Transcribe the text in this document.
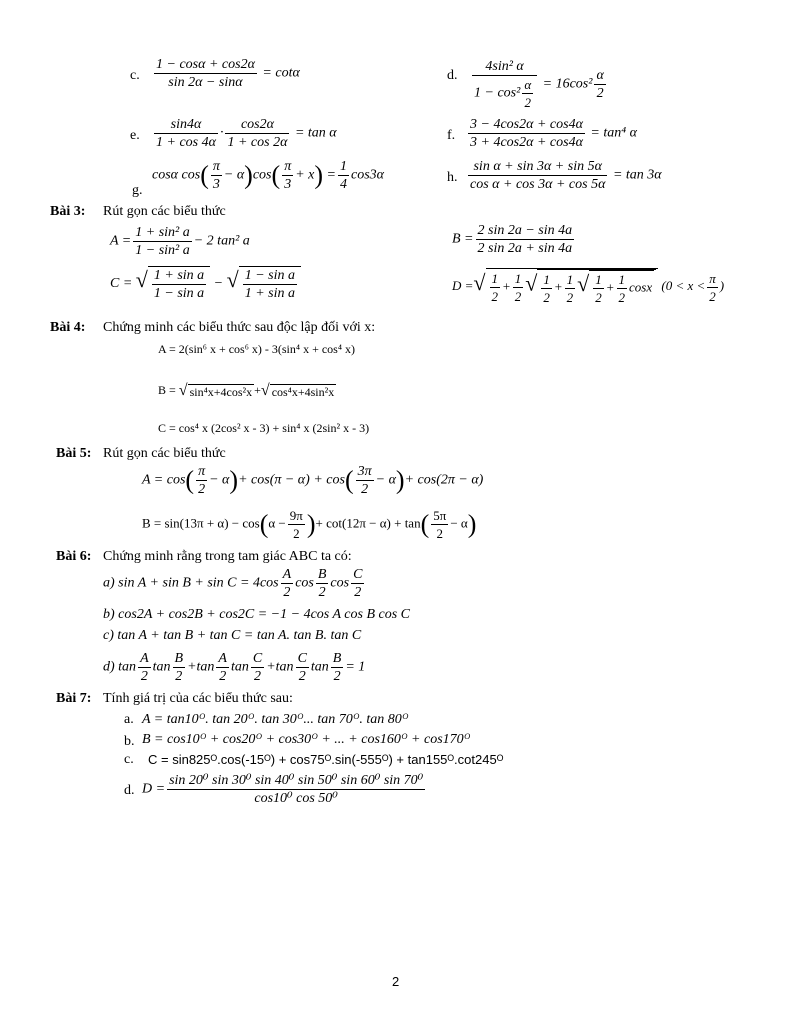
c. $\frac{1 - \cos\alpha + \cos 2\alpha}{\sin 2\alpha - \sin\alpha} = \cot\alpha$	d. $\frac{\text{4sin² α}}{1 - \cos^2 \frac{\alpha}{2}} = 16\cos^2 \frac{\alpha}{2}$
e. $\frac{\sin 4\alpha}{1 + \cos 4\alpha} \cdot \frac{\cos 2\alpha}{1 + \cos 2\alpha} = \tan \alpha$	f. $\frac{3 - 4\cos 2\alpha + \cos 4\alpha}{3 + 4\cos 2\alpha + \cos 4\alpha} = \tan^4$ α
g.
cosα $\cos( \frac{\pi}{3} - \alpha)\cos( \frac{\pi}{3} + x) = \frac{1}{4} \cos 3\alpha$	h. $\frac{\text{sin α + sin 3α + sin 5α}}{\text{cos α + cos 3α + cos 5α}} = \tan 3\alpha$
Bài 3: Rút gọn các biểu thức
$A = \frac{\text{1 + sin² a}}{\text{1 − sin² a}} - 2$ tan² a	$B = \frac{2 \sin 2a - \sin 4a}{2 \sin 2a + \sin 4a}$
C = √ $\frac{\text{1 + sin a}}{\text{1 − sin a}}$ − √ $\frac{\text{1 − sin a}}{\text{1 + sin a}}$	D =√ $\frac{1}{2} + \frac{1}{2}$ √ $\frac{1}{2} + \frac{1}{2}$ √ $\frac{1}{2} + \frac{1}{2}$ cosx ($0 < x < \frac{\pi}{2}$ )
Bài 4: Chứng minh các biểu thức sau độc lập đối với x:
A = 2(sin⁶ x + cos⁶ x) - 3(sin⁴ x + cos⁴ x)
B = √ sin⁴x+4cos²x +√ cos⁴x+4sin²x
C = cos⁴ x (2cos² x - 3) + sin⁴ x (2sin² x - 3)
Bài 5: Rút gọn các biểu thức
$A = \cos( \frac{\pi}{2} - \alpha)+ \cos(\pi - \alpha) + \cos( \frac{3\pi}{2} - \alpha)+ \cos(2\pi - \alpha)$
$B = \sin(13\pi + \alpha) - \cos(\alpha - \frac{9\pi}{2}$ )+ $\cot(12\pi - \alpha) + \tan( \frac{5\pi}{2} - \alpha)$
Bài 6: Chứng minh rằng trong tam giác ABC ta có:
a) $\sin A + \sin B + \sin C = 4\cos \frac{A}{2}$ $\cos \frac{B}{2}$ $\cos \frac{C}{2}$
b) cos2A + cos2B + cos2C = −1 − 4cos A cos B cos C
c) tan A + tan B + tan C = tan A. tan B. tan C
d) $\tan \frac{A}{2}$ $\tan \frac{B}{2} +\tan \frac{A}{2}$ $\tan \frac{C}{2} +\tan \frac{C}{2}$ $\tan \frac{B}{2} = 1$
Bài 7: Tính giá trị của các biểu thức sau:
a. A = tan10ᴼ. tan 20ᴼ. tan 30ᴼ... tan 70ᴼ. tan 80ᴼ
b. B = cos10ᴼ + cos20ᴼ + cos30ᴼ + ... + cos160ᴼ + cos170ᴼ
c. C = sin825ᴼ.cos(-15ᴼ) + cos75ᴼ.sin(-555ᴼ) + tan155ᴼ.cot245ᴼ
d. $D = \frac{\text{sin 20⁰ sin 30⁰ sin 40⁰ sin 50⁰ sin 60⁰ sin 70⁰}}{\text{cos10⁰ cos 50⁰}}$
2
